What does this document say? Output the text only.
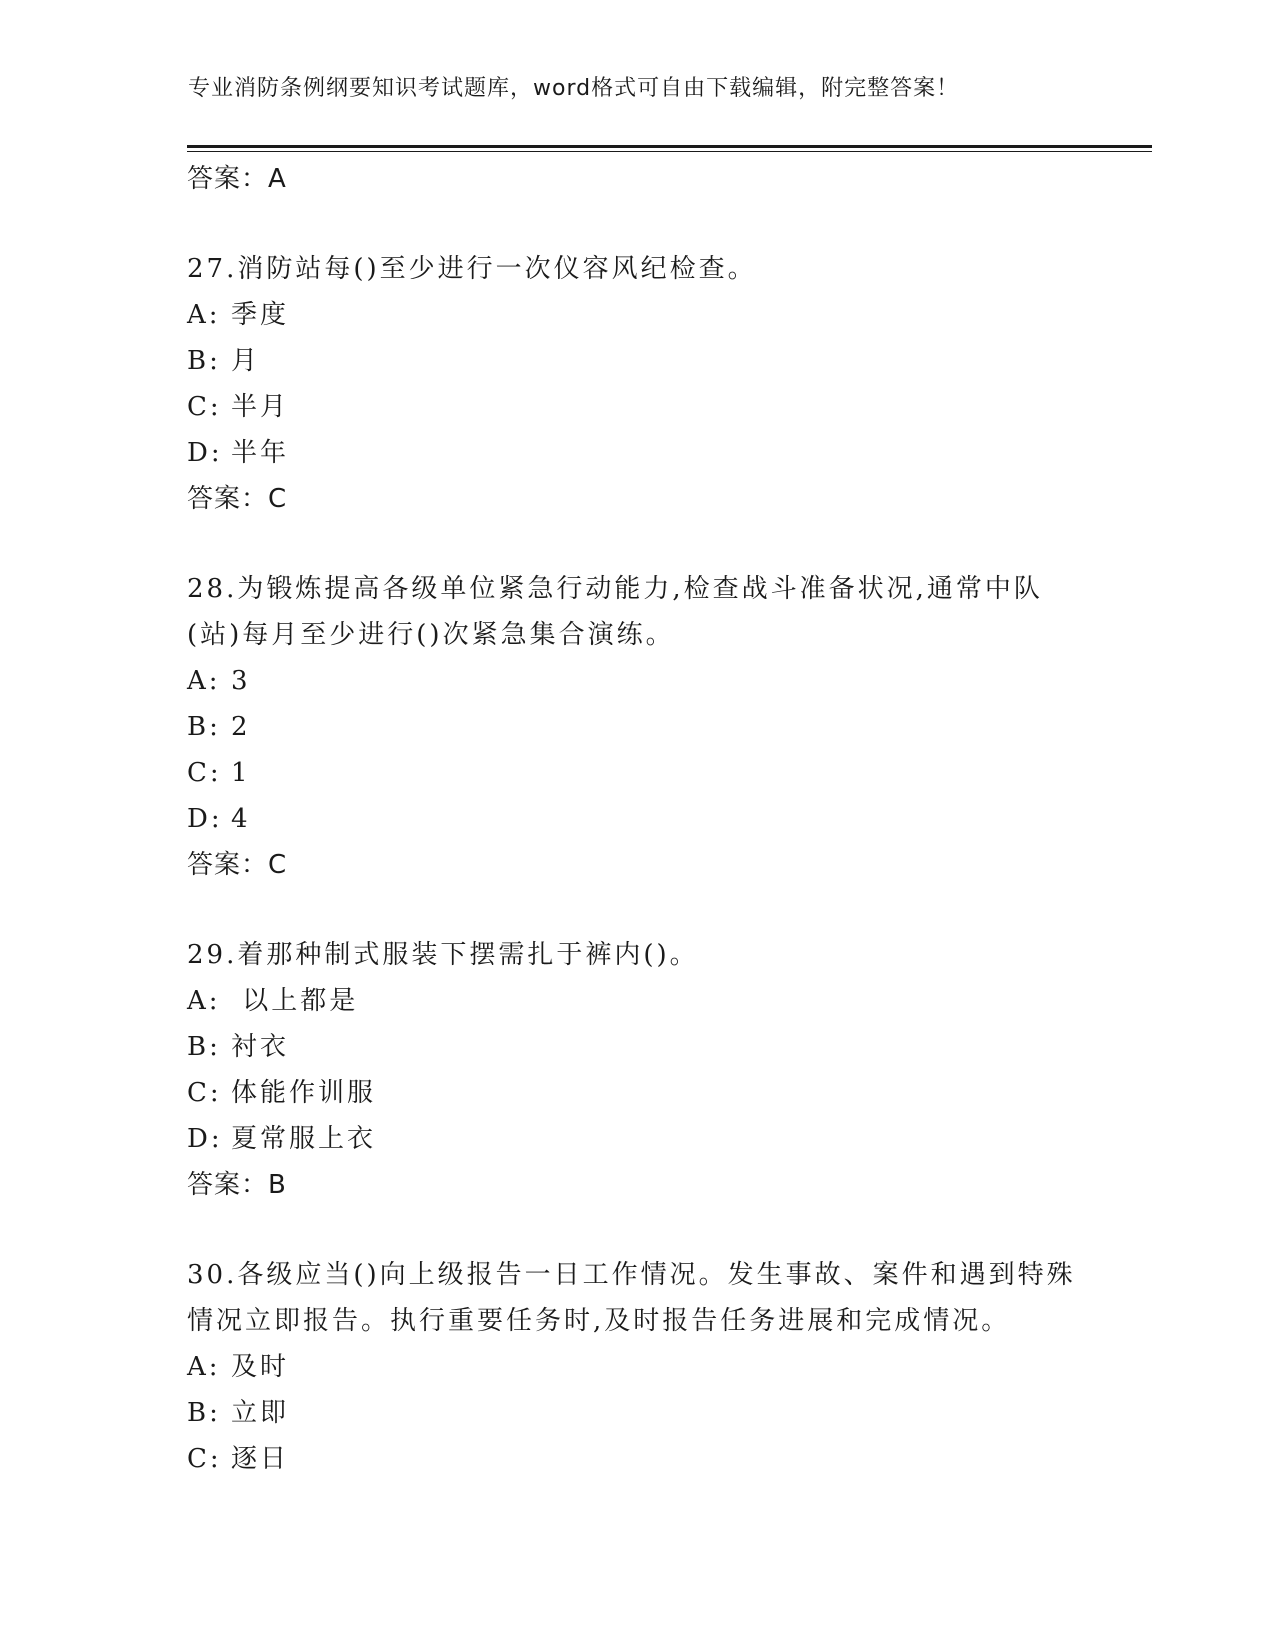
专业消防条例纲要知识考试题库，word格式可自由下载编辑，附完整答案！
答案：A
27.消防站每()至少进行一次仪容风纪检查。
A: 季度
B: 月
C: 半月
D: 半年
答案：C
28.为锻炼提高各级单位紧急行动能力,检查战斗准备状况,通常中队(站)每月至少进行()次紧急集合演练。
A: 3
B: 2
C: 1
D: 4
答案：C
29.着那种制式服装下摆需扎于裤内()。
A: 以上都是
B: 衬衣
C: 体能作训服
D: 夏常服上衣
答案：B
30.各级应当()向上级报告一日工作情况。发生事故、案件和遇到特殊情况立即报告。执行重要任务时,及时报告任务进展和完成情况。
A: 及时
B: 立即
C: 逐日
